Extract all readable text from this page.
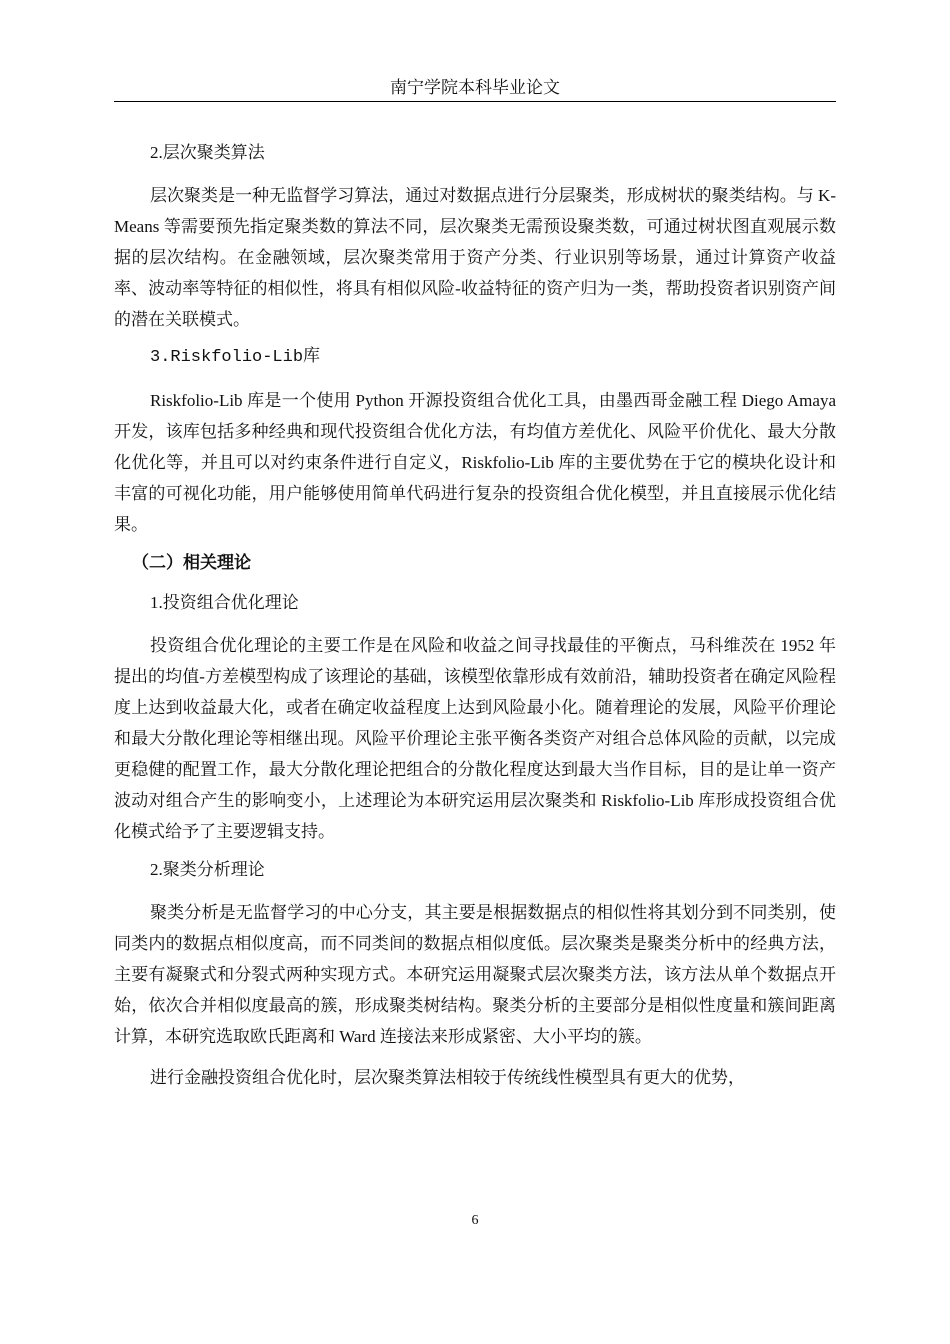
南宁学院本科毕业论文
2.层次聚类算法

层次聚类是一种无监督学习算法，通过对数据点进行分层聚类，形成树状的聚类结构。与 K-Means 等需要预先指定聚类数的算法不同，层次聚类无需预设聚类数，可通过树状图直观展示数据的层次结构。在金融领域，层次聚类常用于资产分类、行业识别等场景，通过计算资产收益率、波动率等特征的相似性，将具有相似风险-收益特征的资产归为一类，帮助投资者识别资产间的潜在关联模式。

3.Riskfolio-Lib库

Riskfolio-Lib 库是一个使用 Python 开源投资组合优化工具，由墨西哥金融工程 Diego Amaya 开发，该库包括多种经典和现代投资组合优化方法，有均值方差优化、风险平价优化、最大分散化优化等，并且可以对约束条件进行自定义，Riskfolio-Lib 库的主要优势在于它的模块化设计和丰富的可视化功能，用户能够使用简单代码进行复杂的投资组合优化模型，并且直接展示优化结果。

（二）相关理论
1.投资组合优化理论

投资组合优化理论的主要工作是在风险和收益之间寻找最佳的平衡点，马科维茨在 1952 年提出的均值-方差模型构成了该理论的基础，该模型依靠形成有效前沿，辅助投资者在确定风险程度上达到收益最大化，或者在确定收益程度上达到风险最小化。随着理论的发展，风险平价理论和最大分散化理论等相继出现。风险平价理论主张平衡各类资产对组合总体风险的贡献，以完成更稳健的配置工作，最大分散化理论把组合的分散化程度达到最大当作目标，目的是让单一资产波动对组合产生的影响变小，上述理论为本研究运用层次聚类和 Riskfolio-Lib 库形成投资组合优化模式给予了主要逻辑支持。

2.聚类分析理论

聚类分析是无监督学习的中心分支，其主要是根据数据点的相似性将其划分到不同类别，使同类内的数据点相似度高，而不同类间的数据点相似度低。层次聚类是聚类分析中的经典方法，主要有凝聚式和分裂式两种实现方式。本研究运用凝聚式层次聚类方法，该方法从单个数据点开始，依次合并相似度最高的簇，形成聚类树结构。聚类分析的主要部分是相似性度量和簇间距离计算，本研究选取欧氏距离和 Ward 连接法来形成紧密、大小平均的簇。

进行金融投资组合优化时，层次聚类算法相较于传统线性模型具有更大的优势，

6
